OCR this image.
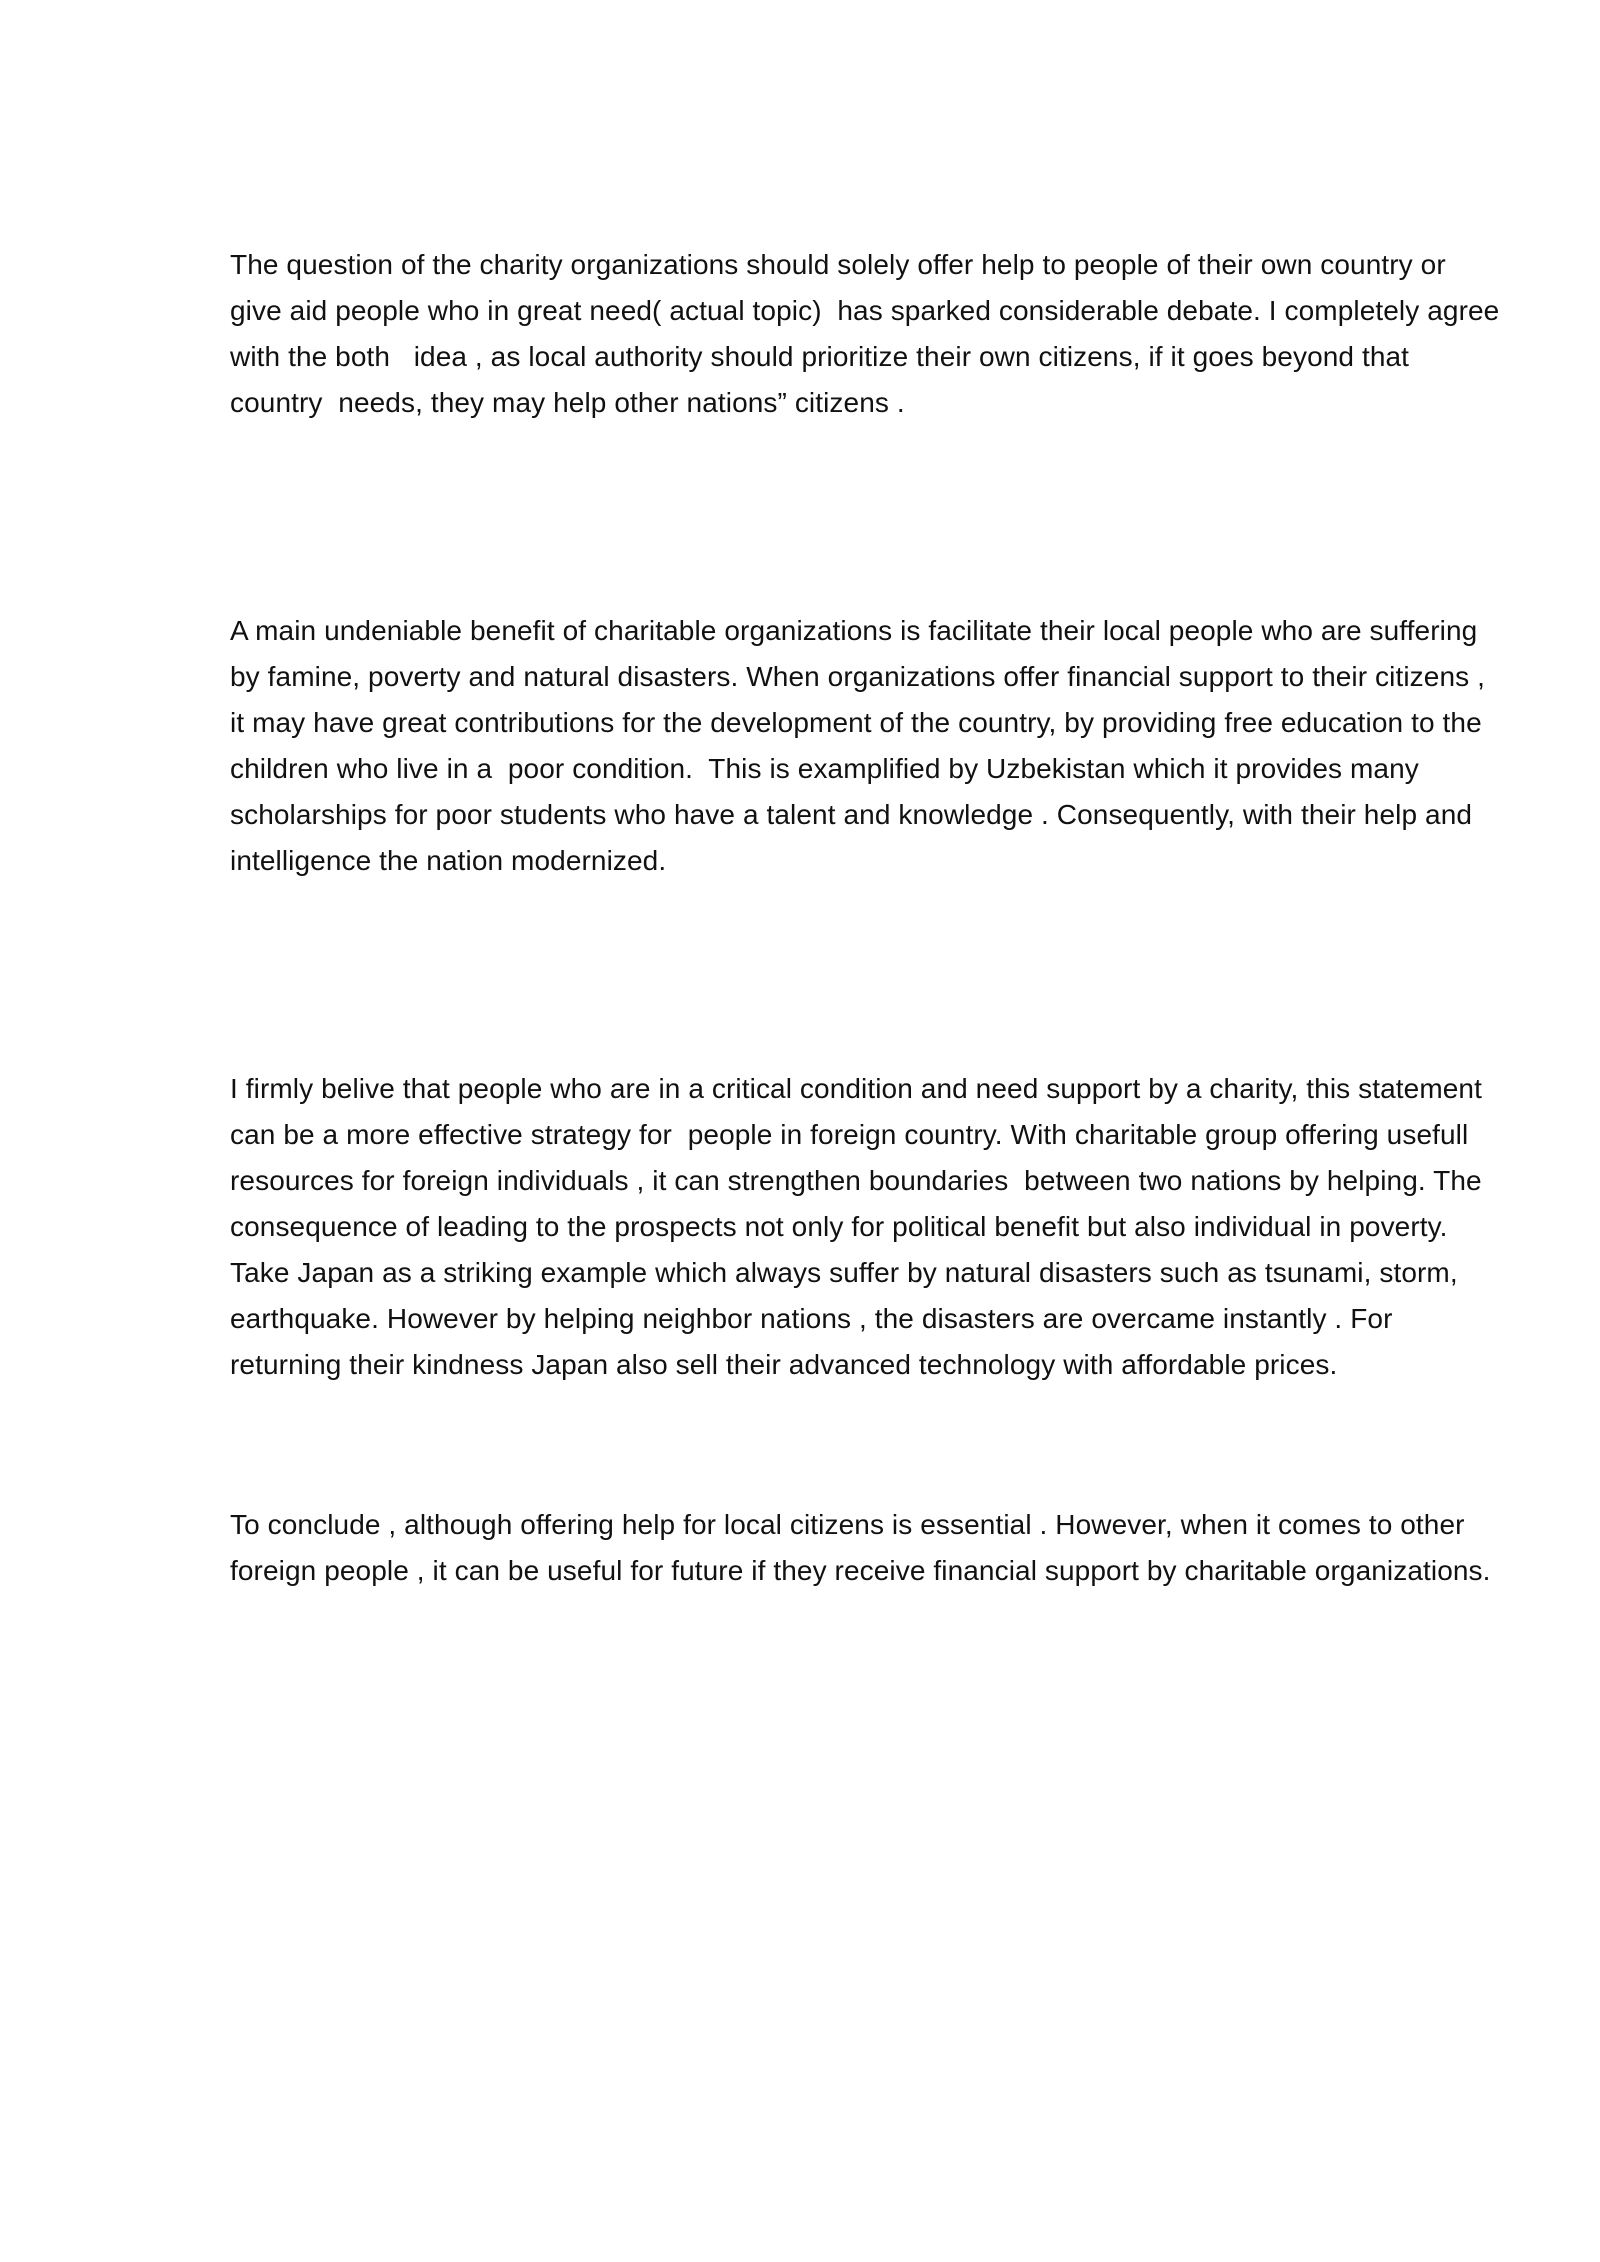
The question of the charity organizations should solely offer help to people of their own country or give aid people who in great need( actual topic)  has sparked considerable debate. I completely agree with the both   idea , as local authority should prioritize their own citizens, if it goes beyond that country  needs, they may help other nations” citizens .

A main undeniable benefit of charitable organizations is facilitate their local people who are suffering by famine, poverty and natural disasters. When organizations offer financial support to their citizens , it may have great contributions for the development of the country, by providing free education to the children who live in a  poor condition.  This is examplified by Uzbekistan which it provides many scholarships for poor students who have a talent and knowledge . Consequently, with their help and intelligence the nation modernized.

I firmly belive that people who are in a critical condition and need support by a charity, this statement can be a more effective strategy for  people in foreign country. With charitable group offering usefull resources for foreign individuals , it can strengthen boundaries  between two nations by helping. The consequence of leading to the prospects not only for political benefit but also individual in poverty. Take Japan as a striking example which always suffer by natural disasters such as tsunami, storm, earthquake. However by helping neighbor nations , the disasters are overcame instantly . For returning their kindness Japan also sell their advanced technology with affordable prices.

To conclude , although offering help for local citizens is essential . However, when it comes to other foreign people , it can be useful for future if they receive financial support by charitable organizations.
